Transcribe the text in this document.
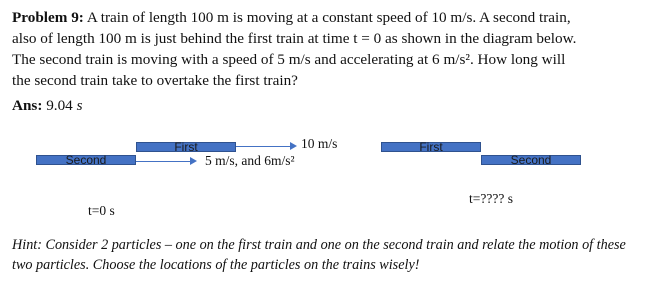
Problem 9: A train of length 100 m is moving at a constant speed of 10 m/s. A second train,
also of length 100 m is just behind the first train at time t = 0 as shown in the diagram below.
The second train is moving with a speed of 5 m/s and accelerating at 6 m/s². How long will
the second train take to overtake the first train?
Ans: 9.04 s
First	10 m/s
Second	5 m/s, and 6m/s²
t=0 s
First
Second
t=???? s
Hint: Consider 2 particles – one on the first train and one on the second train and relate the motion of these two particles. Choose the locations of the particles on the trains wisely!
